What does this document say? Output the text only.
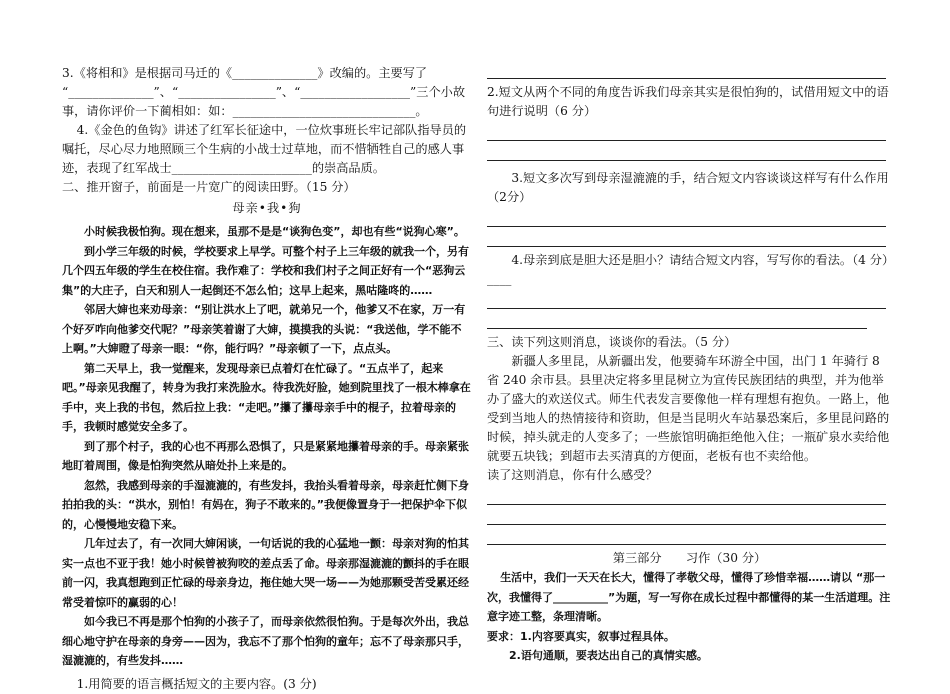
3.《将相和》是根据司马迁的《______________》改编的。主要写了 “______________”、“________________”、“__________________”三个小故事，请你评价一下蔺相如：如：______________________________。

4.《金色的鱼钩》讲述了红军长征途中，一位炊事班长牢记部队指导员的嘱托，尽心尽力地照顾三个生病的小战士过草地，而不惜牺牲自己的感人事迹，表现了红军战士_______________________的崇高品质。

二、推开窗子，前面是一片宽广的阅读田野。（15 分）

母亲•我•狗

小时候我极怕狗。现在想来，虽那不是是“谈狗色变”，却也有些“说狗心寒”。

到小学三年级的时候，学校要求上早学。可整个村子上三年级的就我一个，另有几个四五年级的学生在校住宿。我作难了：学校和我们村子之间正好有一个“恶狗云集”的大庄子，白天和别人一起倒还不怎么怕；这早上起来，黑咕隆咚的……

邻居大婶也来劝母亲：“别让洪水上了吧，就弟兄一个，他爹又不在家，万一有个好歹咋向他爹交代呢？”母亲笑着谢了大婶，摸摸我的头说：“我送他，学不能不上啊。”大婶瞪了母亲一眼：“你，能行吗？”母亲顿了一下，点点头。

第二天早上，我一觉醒来，发现母亲已点着灯在忙碌了。“五点半了，起来吧。”母亲见我醒了，转身为我打来洗脸水。待我洗好脸，她到院里找了一根木棒拿在手中，夹上我的书包，然后拉上我：“走吧。”攥了攥母亲手中的棍子，拉着母亲的手，我顿时感觉安全多了。

到了那个村子，我的心也不再那么恐惧了，只是紧紧地攥着母亲的手。母亲紧张地盯着周围，像是怕狗突然从暗处扑上来是的。

忽然，我感到母亲的手湿漉漉的，有些发抖，我抬头看着母亲，母亲赶忙侧下身拍拍我的头：“洪水，别怕！有妈在，狗子不敢来的。”我便像置身于一把保护伞下似的，心慢慢地安稳下来。

几年过去了，有一次同大婶闲谈，一句话说的我的心猛地一颤：母亲对狗的怕其实一点也不亚于我！她小时候曾被狗咬的差点丢了命。母亲那湿漉漉的颤抖的手在眼前一闪，我真想跑到正忙碌的母亲身边，拖住她大哭一场——为她那颗受苦受累还经常受着惊吓的赢弱的心！

如今我已不再是那个怕狗的小孩子了，而母亲依然很怕狗。于是每次外出，我总细心地守护在母亲的身旁——因为，我忘不了那个怕狗的童年；忘不了母亲那只手，湿漉漉的，有些发抖……

1.用简要的语言概括短文的主要内容。(3 分)

2.短文从两个不同的角度告诉我们母亲其实是很怕狗的，试借用短文中的语句进行说明（6 分）

3.短文多次写到母亲湿漉漉的手，结合短文内容谈谈这样写有什么作用（2分）

4.母亲到底是胆大还是胆小？请结合短文内容，写写你的看法。（4 分）____

三、读下列这则消息，谈谈你的看法。（5 分）

新疆人多里昆，从新疆出发，他要骑车环游全中国，出门 1 年骑行 8 省 240 余市县。县里决定将多里昆树立为宣传民族团结的典型，并为他举办了盛大的欢送仪式。师生代表发言要像他一样有理想有抱负。一路上，他受到当地人的热情接待和资助，但是当昆明火车站暴恐案后，多里昆问路的时候，掉头就走的人变多了；一些旅馆明确拒绝他入住；一瓶矿泉水卖给他就要五块钱；到超市去买清真的方便面，老板有也不卖给他。

读了这则消息，你有什么感受？

第三部分　　习作（30 分）

生活中，我们一天天在长大，懂得了孝敬父母，懂得了珍惜幸福……请以 “那一次，我懂得了__________”为题，写一写你在成长过程中都懂得的某一生活道理。注意字迹工整，条理清晰。

要求：1.内容要真实，叙事过程具体。

2.语句通顺，要表达出自己的真情实感。
